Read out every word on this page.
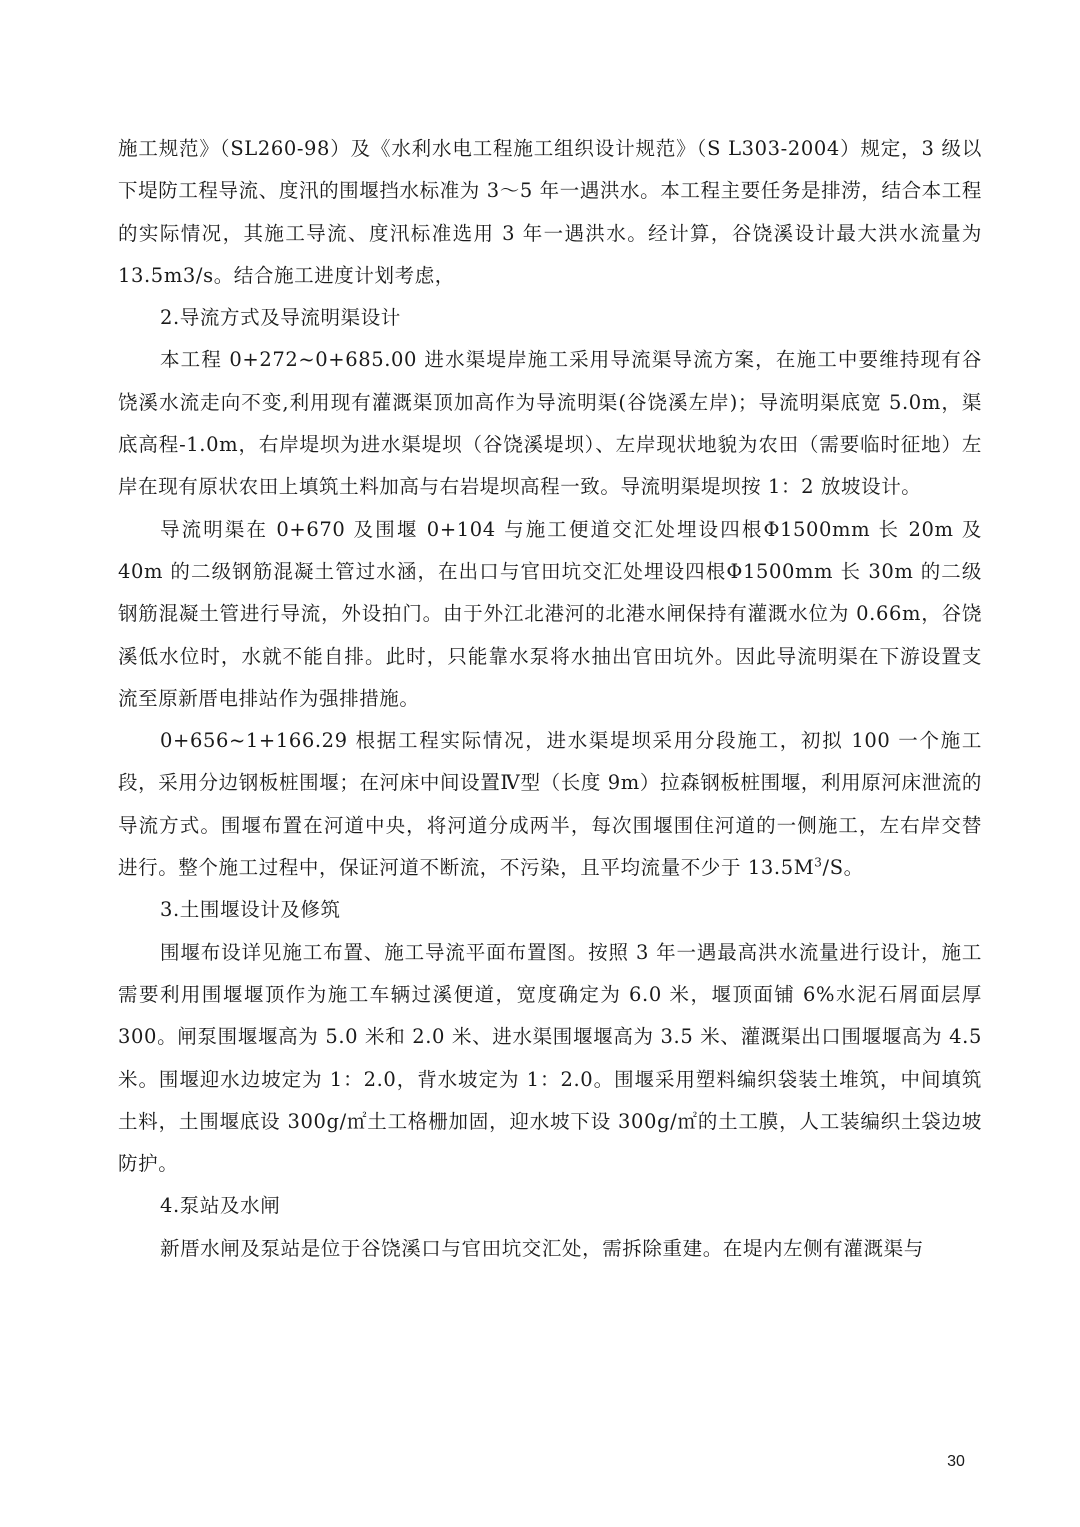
施工规范》（SL260-98）及《水利水电工程施工组织设计规范》（S L303-2004）规定，3 级以下堤防工程导流、度汛的围堰挡水标准为 3～5 年一遇洪水。本工程主要任务是排涝，结合本工程的实际情况，其施工导流、度汛标准选用 3 年一遇洪水。经计算，谷饶溪设计最大洪水流量为 13.5m3/s。结合施工进度计划考虑，

2.导流方式及导流明渠设计

本工程 0+272~0+685.00 进水渠堤岸施工采用导流渠导流方案，在施工中要维持现有谷饶溪水流走向不变,利用现有灌溉渠顶加高作为导流明渠(谷饶溪左岸)；导流明渠底宽 5.0m，渠底高程-1.0m，右岸堤坝为进水渠堤坝（谷饶溪堤坝）、左岸现状地貌为农田（需要临时征地）左岸在现有原状农田上填筑土料加高与右岩堤坝高程一致。导流明渠堤坝按 1：2 放坡设计。

导流明渠在 0+670 及围堰 0+104 与施工便道交汇处埋设四根Φ1500mm 长 20m 及 40m 的二级钢筋混凝土管过水涵，在出口与官田坑交汇处埋设四根Φ1500mm 长 30m 的二级钢筋混凝土管进行导流，外设拍门。由于外江北港河的北港水闸保持有灌溉水位为 0.66m，谷饶溪低水位时，水就不能自排。此时，只能靠水泵将水抽出官田坑外。因此导流明渠在下游设置支流至原新厝电排站作为强排措施。

0+656~1+166.29 根据工程实际情况，进水渠堤坝采用分段施工，初拟 100 一个施工段，采用分边钢板桩围堰；在河床中间设置Ⅳ型（长度 9m）拉森钢板桩围堰，利用原河床泄流的导流方式。围堰布置在河道中央，将河道分成两半，每次围堰围住河道的一侧施工，左右岸交替进行。整个施工过程中，保证河道不断流，不污染，且平均流量不少于 $13.5M^3/S$。

3.土围堰设计及修筑

围堰布设详见施工布置、施工导流平面布置图。按照 3 年一遇最高洪水流量进行设计，施工需要利用围堰堰顶作为施工车辆过溪便道，宽度确定为 6.0 米，堰顶面铺 6%水泥石屑面层厚 300。闸泵围堰堰高为 5.0 米和 2.0 米、进水渠围堰堰高为 3.5 米、灌溉渠出口围堰堰高为 4.5 米。围堰迎水边坡定为 1：2.0，背水坡定为 1：2.0。围堰采用塑料编织袋装土堆筑，中间填筑土料，土围堰底设 300g/㎡土工格栅加固，迎水坡下设 300g/㎡的土工膜，人工装编织土袋边坡防护。

4.泵站及水闸

新厝水闸及泵站是位于谷饶溪口与官田坑交汇处，需拆除重建。在堤内左侧有灌溉渠与

30
